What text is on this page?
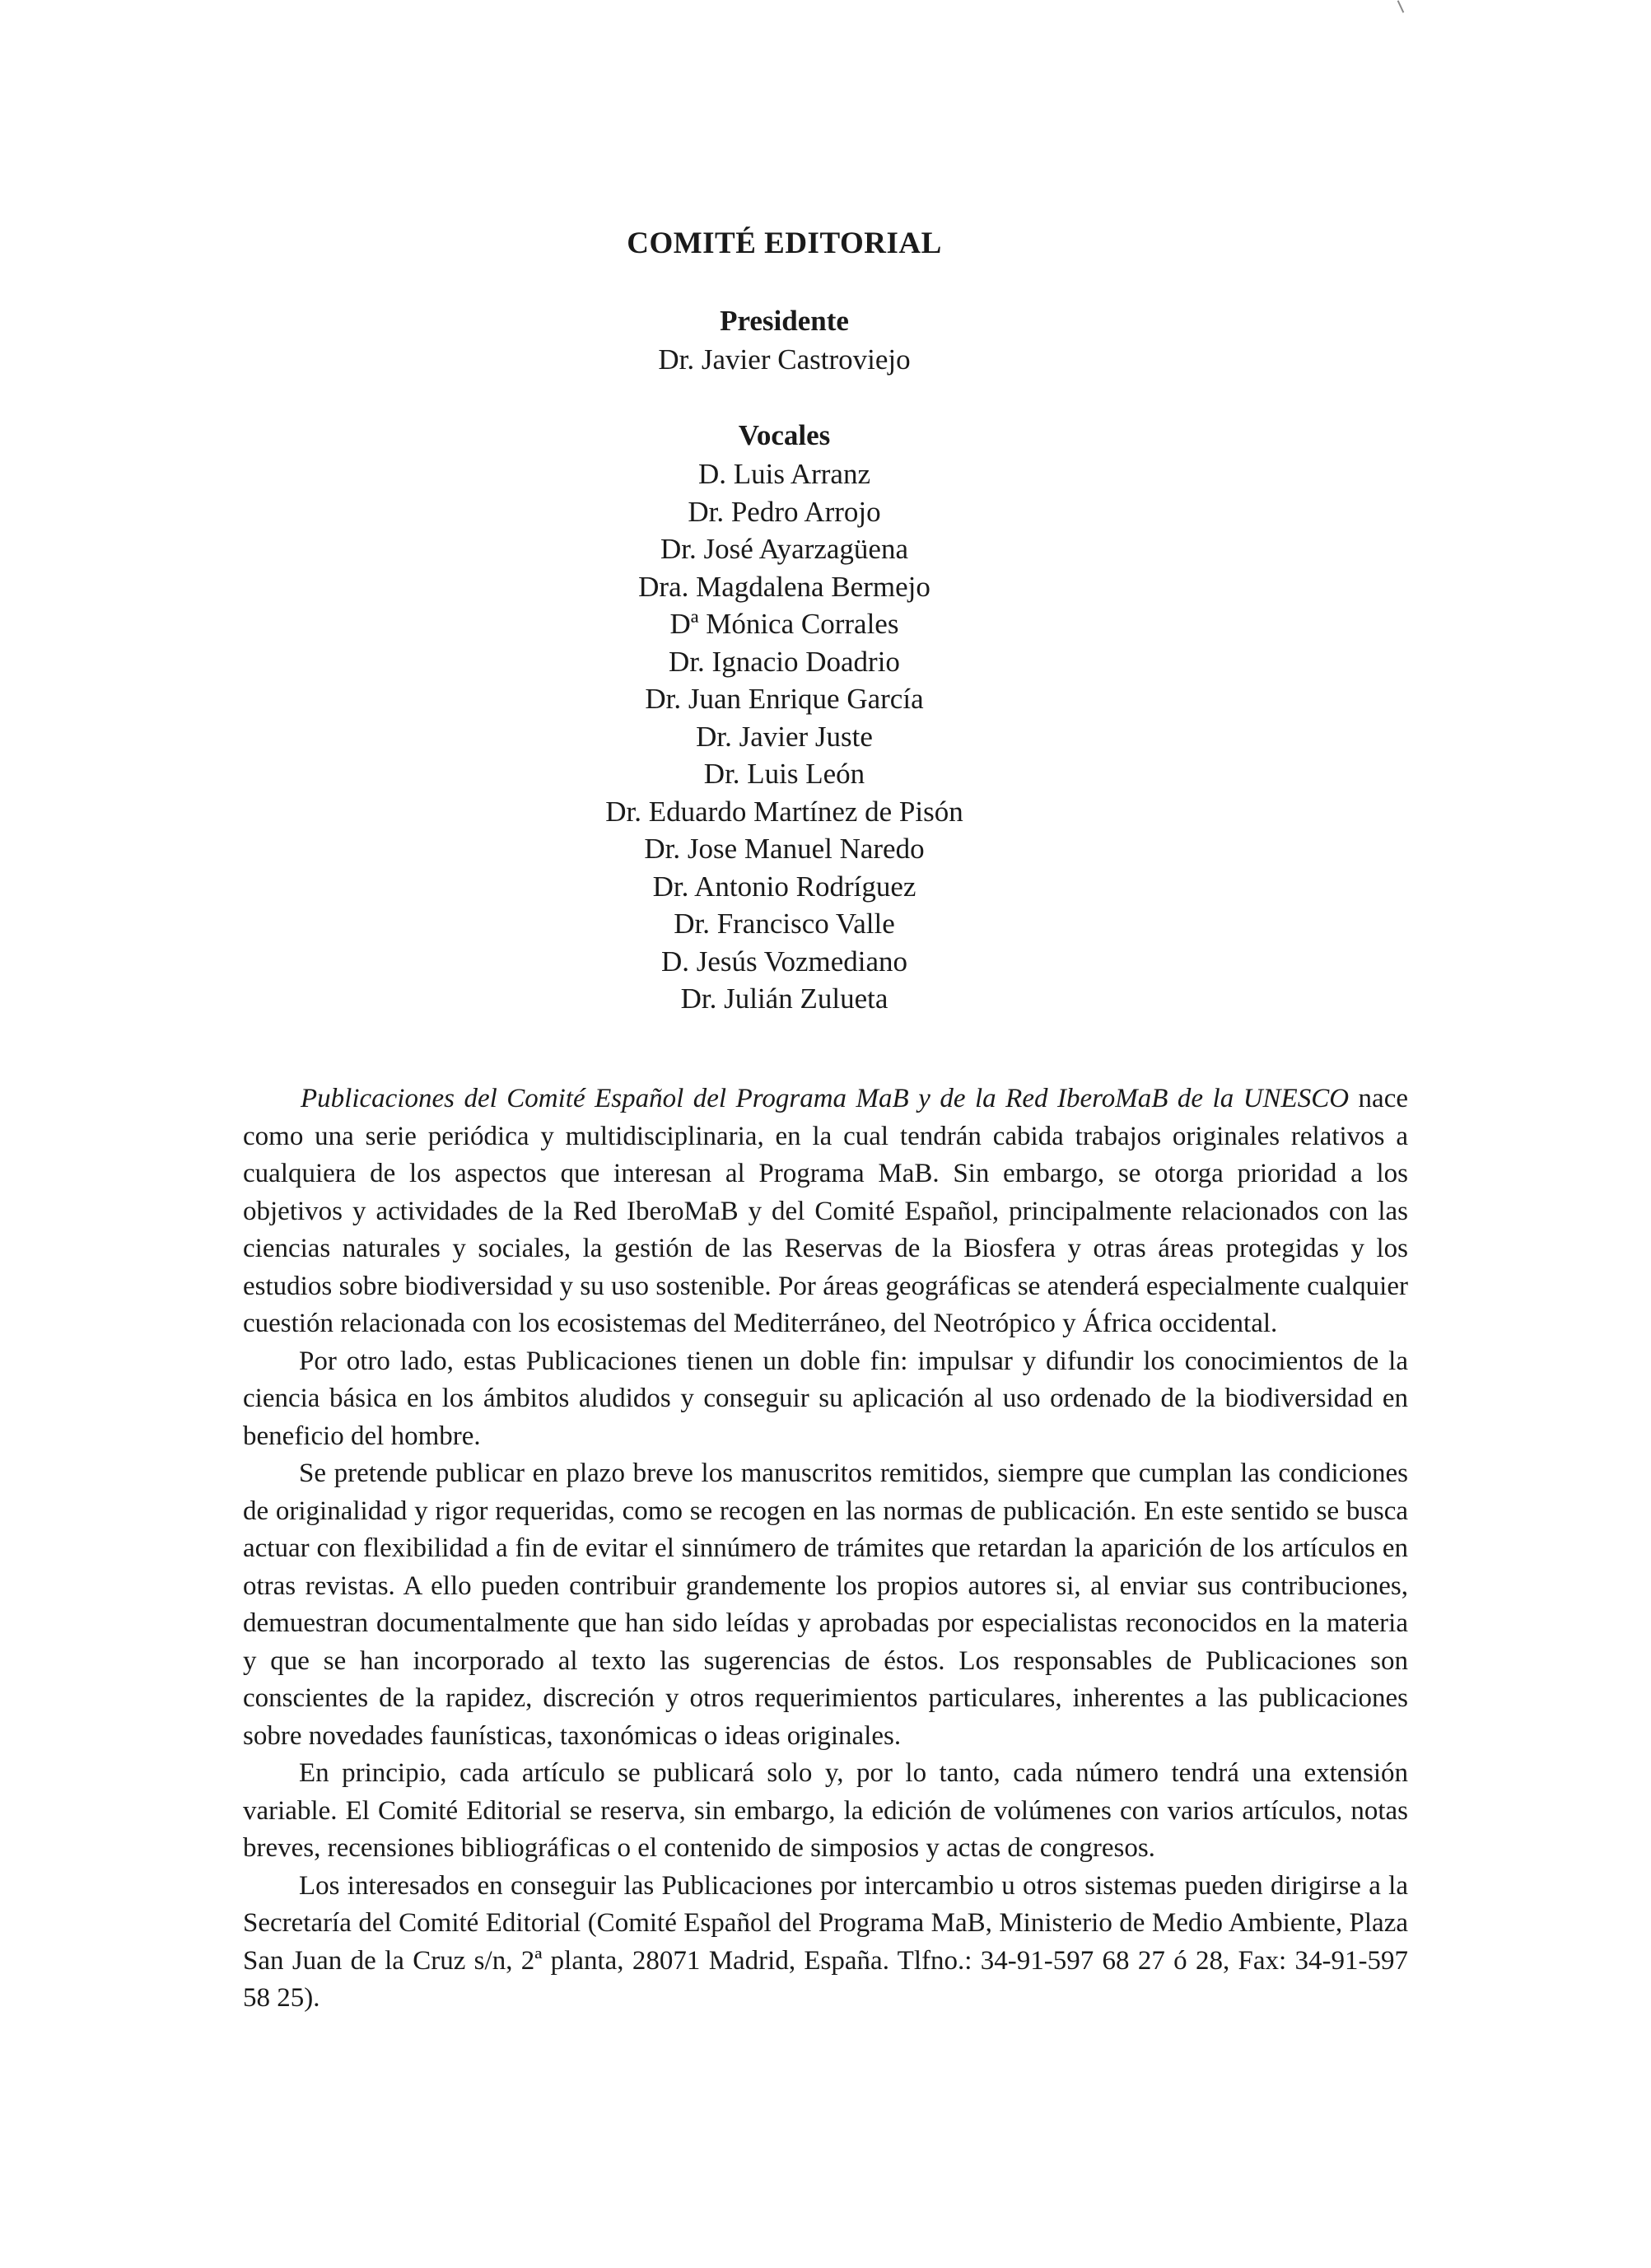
COMITÉ EDITORIAL
Presidente
Dr. Javier Castroviejo
Vocales
D. Luis Arranz
Dr. Pedro Arrojo
Dr. José Ayarzagüena
Dra. Magdalena Bermejo
Dª Mónica Corrales
Dr. Ignacio Doadrio
Dr. Juan Enrique García
Dr. Javier Juste
Dr. Luis León
Dr. Eduardo Martínez de Pisón
Dr. Jose Manuel Naredo
Dr. Antonio Rodríguez
Dr. Francisco Valle
D. Jesús Vozmediano
Dr. Julián Zulueta

Publicaciones del Comité Español del Programa MaB y de la Red IberoMaB de la UNESCO nace como una serie periódica y multidisciplinaria, en la cual tendrán cabida trabajos originales relativos a cualquiera de los aspectos que interesan al Programa MaB. Sin embargo, se otorga prioridad a los objetivos y actividades de la Red IberoMaB y del Comité Español, principalmente relacionados con las ciencias naturales y sociales, la gestión de las Reservas de la Biosfera y otras áreas protegidas y los estudios sobre biodiversidad y su uso sostenible. Por áreas geográficas se atenderá especialmente cualquier cuestión relacionada con los ecosistemas del Mediterráneo, del Neotrópico y África occidental.

Por otro lado, estas Publicaciones tienen un doble fin: impulsar y difundir los conocimientos de la ciencia básica en los ámbitos aludidos y conseguir su aplicación al uso ordenado de la biodiversidad en beneficio del hombre.

Se pretende publicar en plazo breve los manuscritos remitidos, siempre que cumplan las condiciones de originalidad y rigor requeridas, como se recogen en las normas de publicación. En este sentido se busca actuar con flexibilidad a fin de evitar el sinnúmero de trámites que retardan la aparición de los artículos en otras revistas. A ello pueden contribuir grandemente los propios autores si, al enviar sus contribuciones, demuestran documentalmente que han sido leídas y aprobadas por especialistas reconocidos en la materia y que se han incorporado al texto las sugerencias de éstos. Los responsables de Publicaciones son conscientes de la rapidez, discreción y otros requerimientos particulares, inherentes a las publicaciones sobre novedades faunísticas, taxonómicas o ideas originales.

En principio, cada artículo se publicará solo y, por lo tanto, cada número tendrá una extensión variable. El Comité Editorial se reserva, sin embargo, la edición de volúmenes con varios artículos, notas breves, recensiones bibliográficas o el contenido de simposios y actas de congresos.

Los interesados en conseguir las Publicaciones por intercambio u otros sistemas pueden dirigirse a la Secretaría del Comité Editorial (Comité Español del Programa MaB, Ministerio de Medio Ambiente, Plaza San Juan de la Cruz s/n, 2ª planta, 28071 Madrid, España. Tlfno.: 34-91-597 68 27 ó 28, Fax: 34-91-597 58 25).
